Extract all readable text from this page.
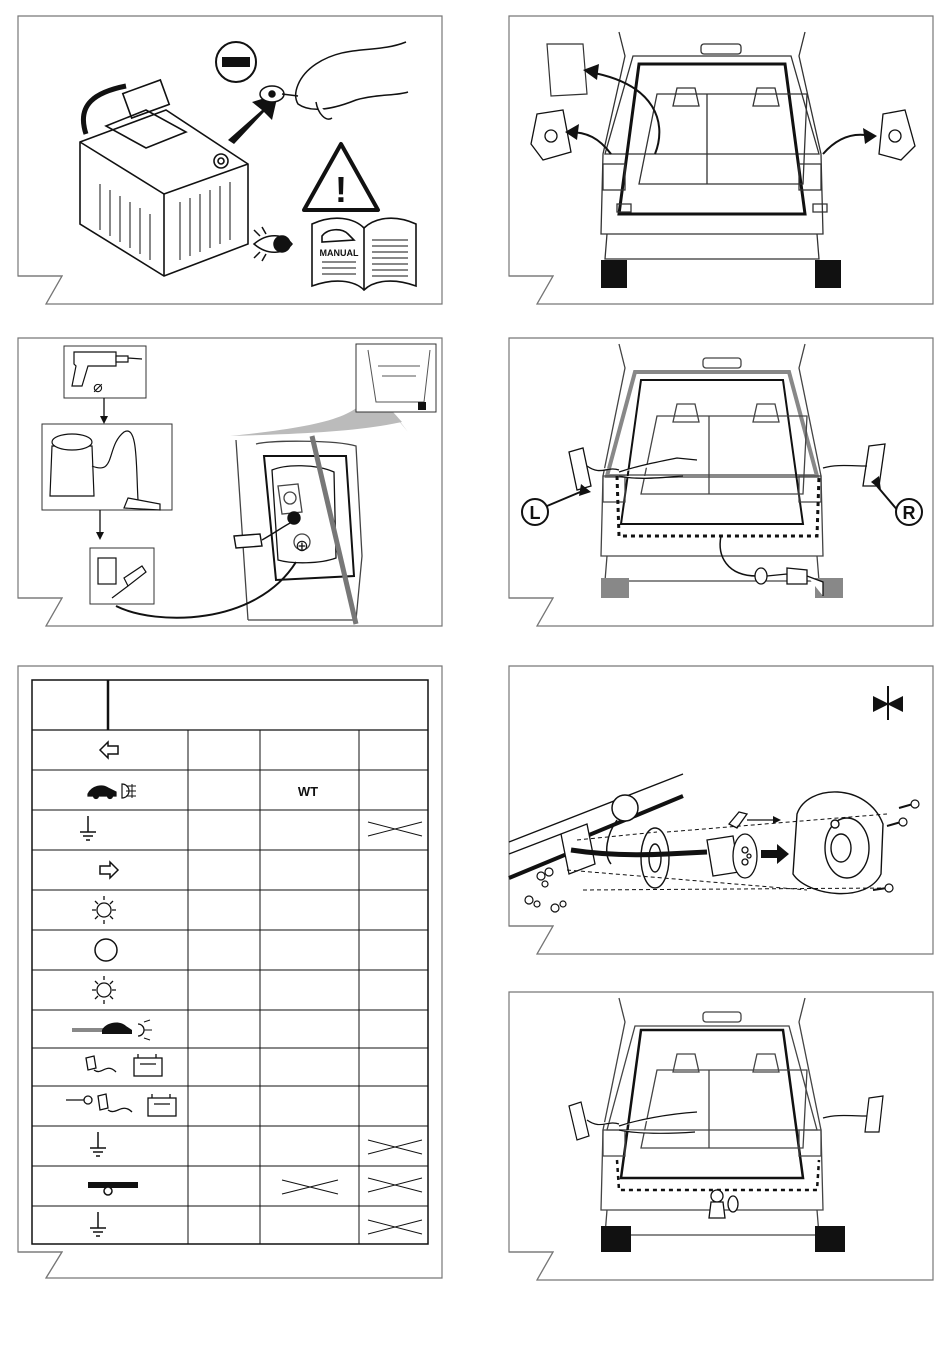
!
MANUAL
⌀
⊕
L	R
WT
